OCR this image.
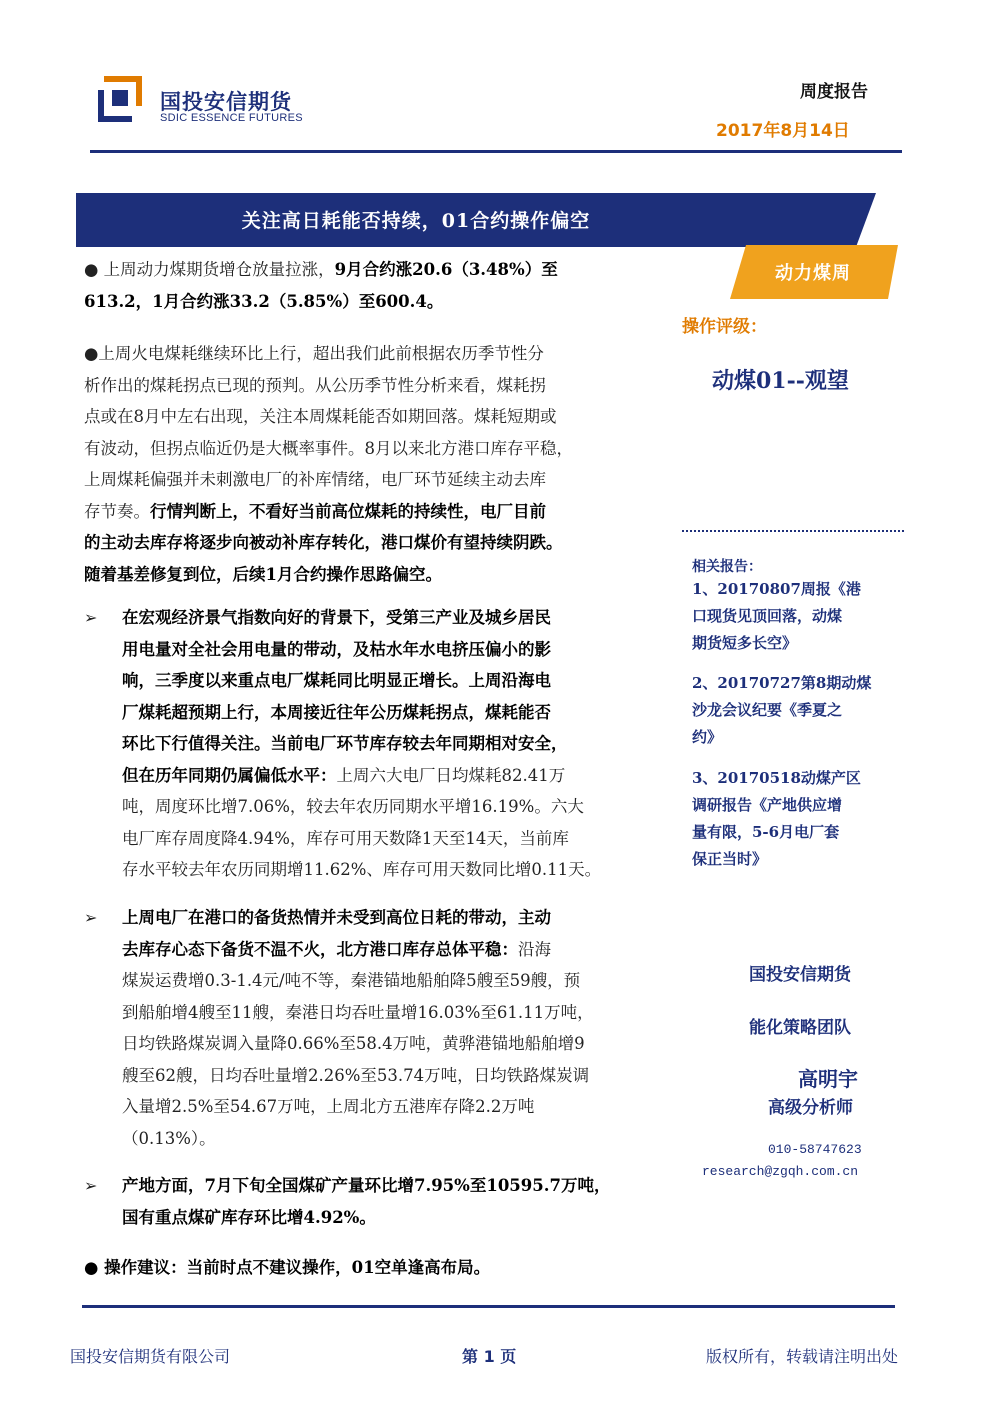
国投安信期货
SDIC ESSENCE FUTURES
周度报告
2017年8月14日
关注高日耗能否持续，01合约操作偏空
动力煤周
操作评级：
动煤01--观望
相关报告：
1、20170807周报《港
口现货见顶回落，动煤
期货短多长空》
2、20170727第8期动煤
沙龙会议纪要《季夏之
约》
3、20170518动煤产区
调研报告《产地供应增
量有限，5-6月电厂套
保正当时》
国投安信期货
能化策略团队
高明宇
高级分析师
010-58747623
research@zgqh.com.cn
● 上周动力煤期货增仓放量拉涨，9月合约涨20.6（3.48%）至
613.2，1月合约涨33.2（5.85%）至600.4。
●上周火电煤耗继续环比上行，超出我们此前根据农历季节性分
析作出的煤耗拐点已现的预判。从公历季节性分析来看，煤耗拐
点或在8月中左右出现，关注本周煤耗能否如期回落。煤耗短期或
有波动，但拐点临近仍是大概率事件。8月以来北方港口库存平稳，
上周煤耗偏强并未刺激电厂的补库情绪，电厂环节延续主动去库
存节奏。行情判断上，不看好当前高位煤耗的持续性，电厂目前
的主动去库存将逐步向被动补库存转化，港口煤价有望持续阴跌。
随着基差修复到位，后续1月合约操作思路偏空。
➢ 在宏观经济景气指数向好的背景下，受第三产业及城乡居民
用电量对全社会用电量的带动，及枯水年水电挤压偏小的影
响，三季度以来重点电厂煤耗同比明显正增长。上周沿海电
厂煤耗超预期上行，本周接近往年公历煤耗拐点，煤耗能否
环比下行值得关注。当前电厂环节库存较去年同期相对安全，
但在历年同期仍属偏低水平：上周六大电厂日均煤耗82.41万
吨，周度环比增7.06%，较去年农历同期水平增16.19%。六大
电厂库存周度降4.94%，库存可用天数降1天至14天，当前库
存水平较去年农历同期增11.62%、库存可用天数同比增0.11天。
➢ 上周电厂在港口的备货热情并未受到高位日耗的带动，主动
去库存心态下备货不温不火，北方港口库存总体平稳：沿海
煤炭运费增0.3-1.4元/吨不等，秦港锚地船舶降5艘至59艘，预
到船舶增4艘至11艘，秦港日均吞吐量增16.03%至61.11万吨，
日均铁路煤炭调入量降0.66%至58.4万吨，黄骅港锚地船舶增9
艘至62艘，日均吞吐量增2.26%至53.74万吨，日均铁路煤炭调
入量增2.5%至54.67万吨，上周北方五港库存降2.2万吨
（0.13%）。
➢ 产地方面，7月下旬全国煤矿产量环比增7.95%至10595.7万吨，
国有重点煤矿库存环比增4.92%。
● 操作建议：当前时点不建议操作，01空单逢高布局。
国投安信期货有限公司	第 1 页	版权所有，转载请注明出处
